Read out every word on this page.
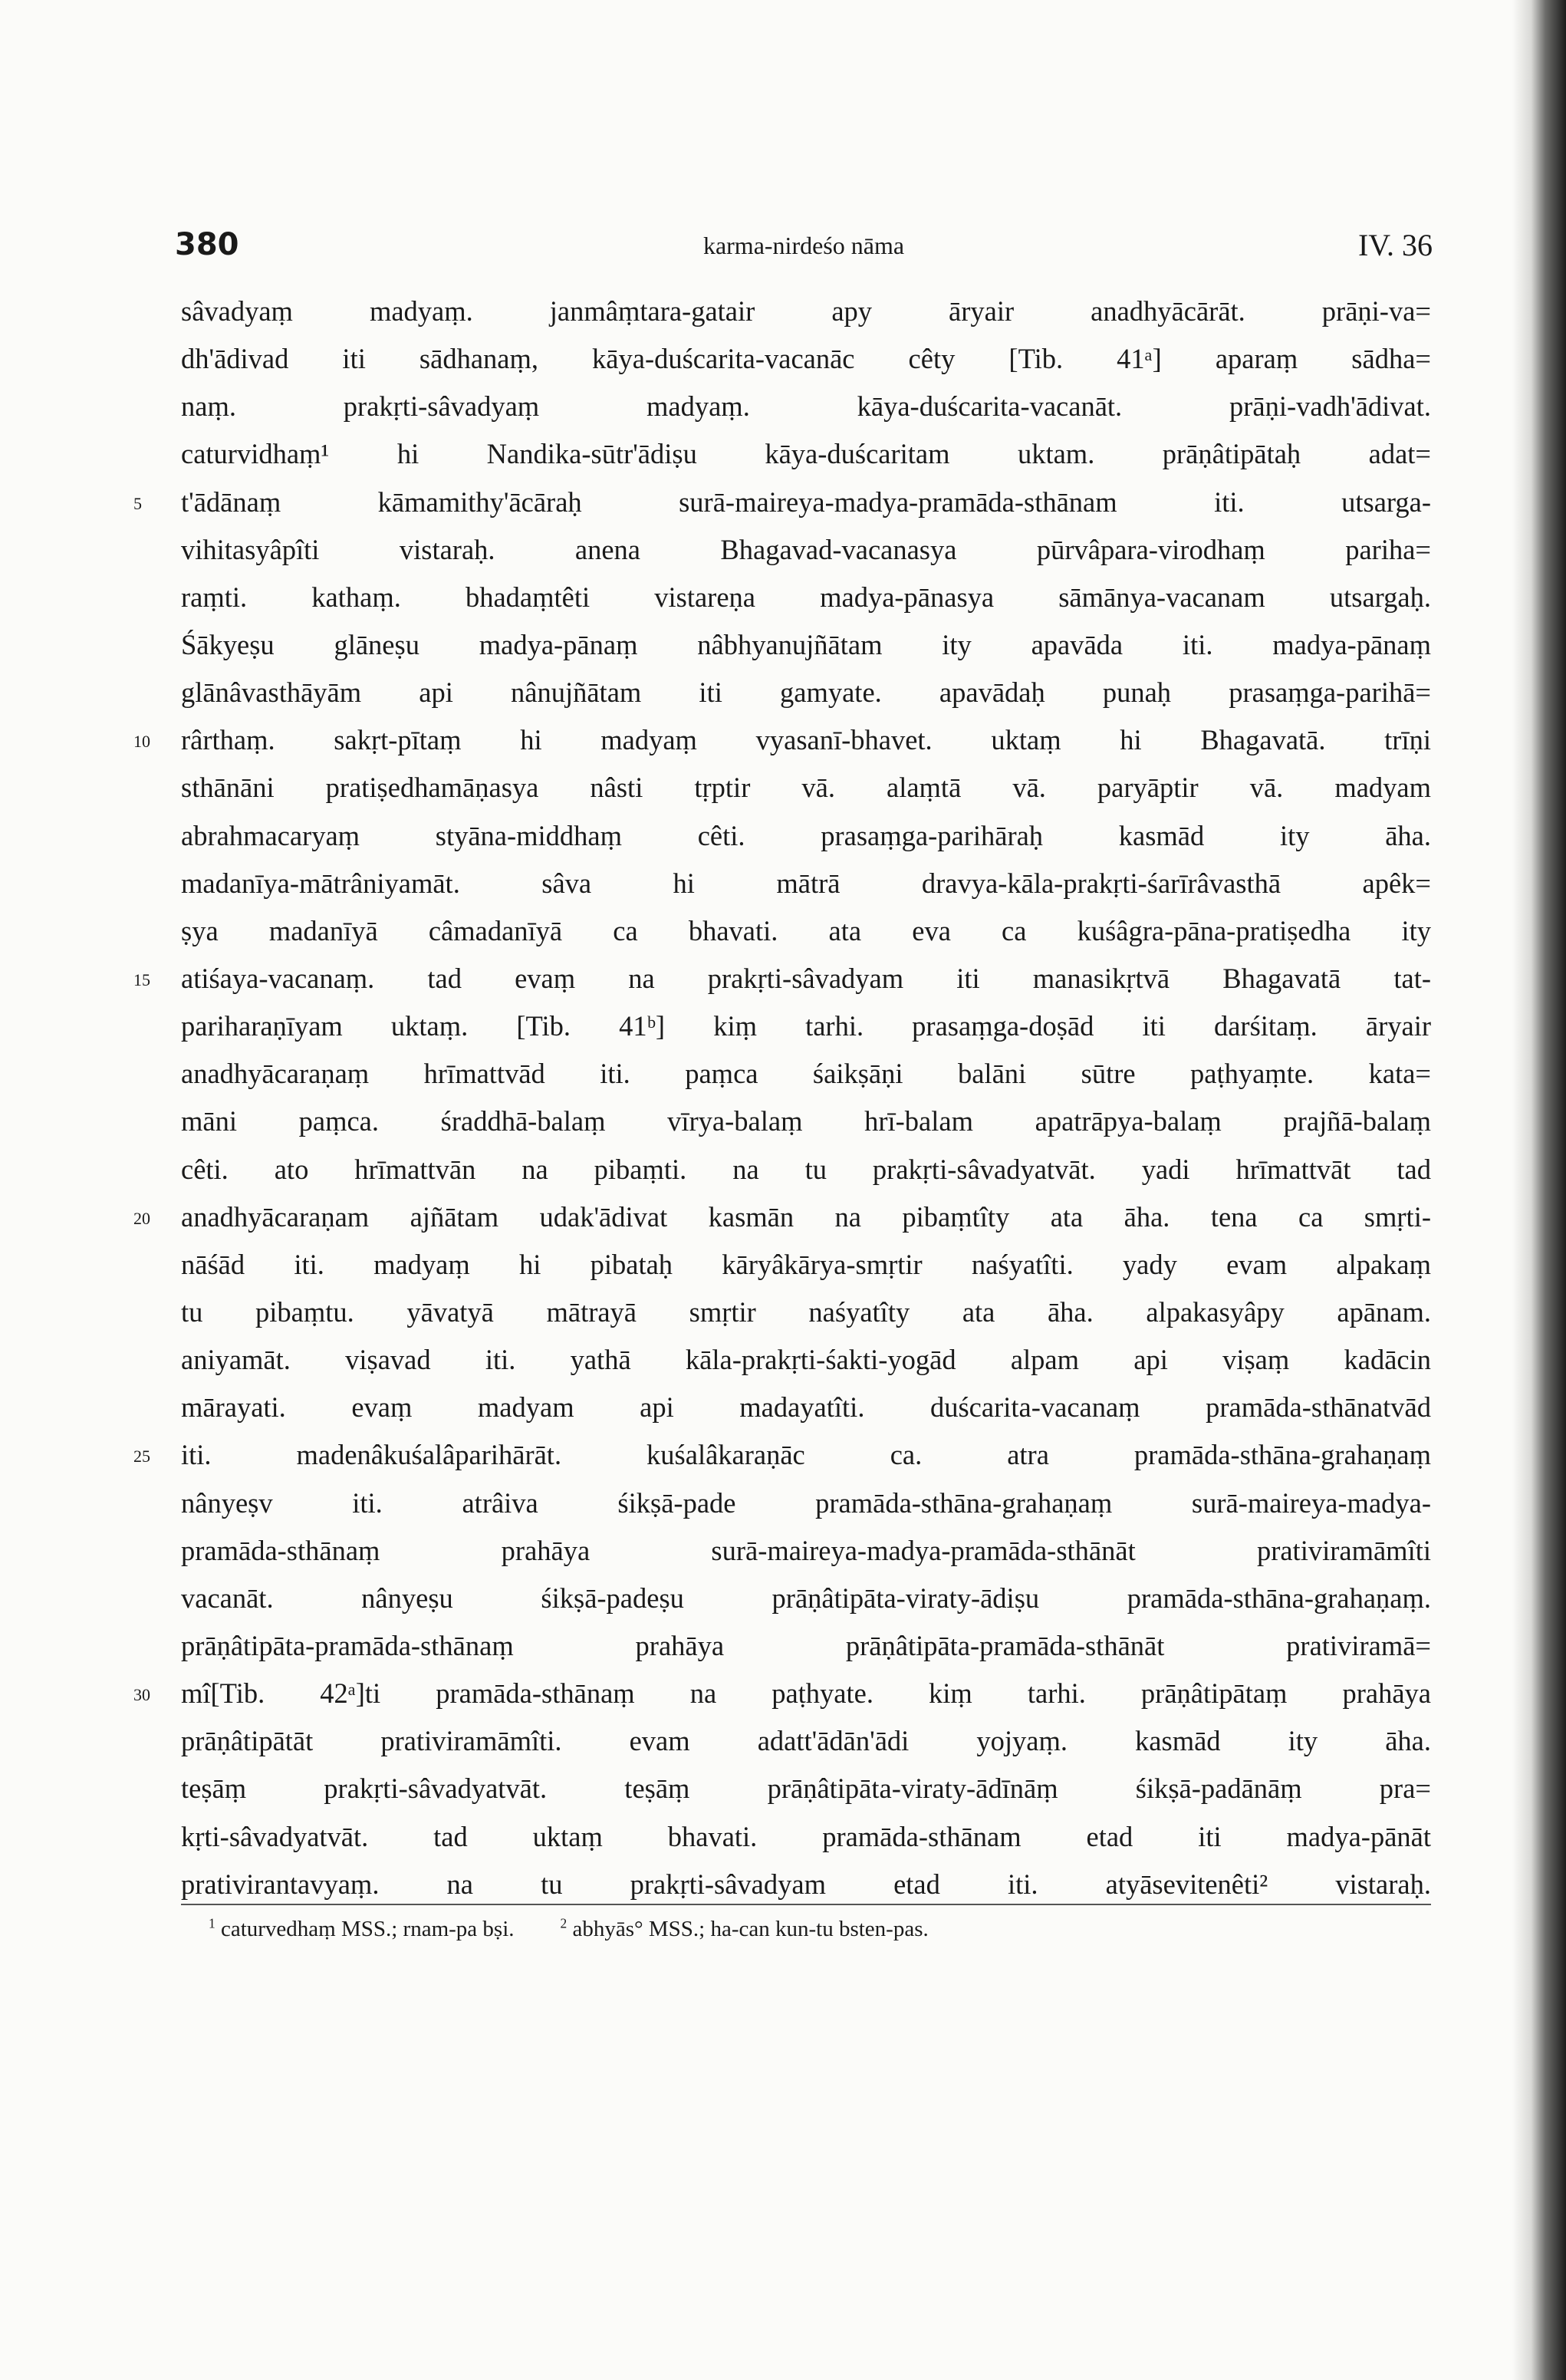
380	karma-nirdeśo nāma	IV. 36
sâvadyaṃ madyaṃ. janmâṃtara-gatair apy āryair anadhyācārāt. prāṇi-va=
dh'ādivad iti sādhanaṃ, kāya-duścarita-vacanāc cêty [Tib. 41ᵃ] aparaṃ sādha=
naṃ. prakṛti-sâvadyaṃ madyaṃ. kāya-duścarita-vacanāt. prāṇi-vadh'ādivat.
caturvidhaṃ¹ hi Nandika-sūtr'ādiṣu kāya-duścaritam uktam. prāṇâtipātaḥ adat=
5 t'ādānaṃ kāmamithy'ācāraḥ surā-maireya-madya-pramāda-sthānam iti. utsarga-
vihitasyâpîti vistaraḥ. anena Bhagavad-vacanasya pūrvâpara-virodhaṃ pariha=
raṃti. kathaṃ. bhadaṃtêti vistareṇa madya-pānasya sāmānya-vacanam utsargaḥ.
Śākyeṣu glāneṣu madya-pānaṃ nâbhyanujñātam ity apavāda iti. madya-pānaṃ
glānâvasthāyām api nânujñātam iti gamyate. apavādaḥ punaḥ prasaṃga-parihā=
10 rârthaṃ. sakṛt-pītaṃ hi madyaṃ vyasanī-bhavet. uktaṃ hi Bhagavatā. trīṇi
sthānāni pratiṣedhamāṇasya nâsti tṛptir vā. alaṃtā vā. paryāptir vā. madyam
abrahmacaryaṃ styāna-middhaṃ cêti. prasaṃga-parihāraḥ kasmād ity āha.
madanīya-mātrâniyamāt. sâva hi mātrā dravya-kāla-prakṛti-śarīrâvasthā apêk=
ṣya madanīyā câmadanīyā ca bhavati. ata eva ca kuśâgra-pāna-pratiṣedha ity
15 atiśaya-vacanaṃ. tad evaṃ na prakṛti-sâvadyam iti manasikṛtvā Bhagavatā tat-
pariharaṇīyam uktaṃ. [Tib. 41ᵇ] kiṃ tarhi. prasaṃga-doṣād iti darśitaṃ. āryair
anadhyācaraṇaṃ hrīmattvād iti. paṃca śaikṣāṇi balāni sūtre paṭhyaṃte. kata=
māni paṃca. śraddhā-balaṃ vīrya-balaṃ hrī-balam apatrāpya-balaṃ prajñā-balaṃ
cêti. ato hrīmattvān na pibaṃti. na tu prakṛti-sâvadyatvāt. yadi hrīmattvāt tad
20 anadhyācaraṇam ajñātam udak'ādivat kasmān na pibaṃtîty ata āha. tena ca smṛti-
nāśād iti. madyaṃ hi pibataḥ kāryâkārya-smṛtir naśyatîti. yady evam alpakaṃ
tu pibaṃtu. yāvatyā mātrayā smṛtir naśyatîty ata āha. alpakasyâpy apānam.
aniyamāt. viṣavad iti. yathā kāla-prakṛti-śakti-yogād alpam api viṣaṃ kadācin
mārayati. evaṃ madyam api madayatîti. duścarita-vacanaṃ pramāda-sthānatvād
25 iti. madenâkuśalâparihārāt. kuśalâkaraṇāc ca. atra pramāda-sthāna-grahaṇaṃ
nânyeṣv iti. atrâiva śikṣā-pade pramāda-sthāna-grahaṇaṃ surā-maireya-madya-
pramāda-sthānaṃ prahāya surā-maireya-madya-pramāda-sthānāt prativiramāmîti
vacanāt. nânyeṣu śikṣā-padeṣu prāṇâtipāta-viraty-ādiṣu pramāda-sthāna-grahaṇaṃ.
prāṇâtipāta-pramāda-sthānaṃ prahāya prāṇâtipāta-pramāda-sthānāt prativiramā=
30 mî[Tib. 42ᵃ]ti pramāda-sthānaṃ na paṭhyate. kiṃ tarhi. prāṇâtipātaṃ prahāya
prāṇâtipātāt prativiramāmîti. evam adatt'ādān'ādi yojyaṃ. kasmād ity āha.
teṣāṃ prakṛti-sâvadyatvāt. teṣāṃ prāṇâtipāta-viraty-ādīnāṃ śikṣā-padānāṃ pra=
kṛti-sâvadyatvāt. tad uktaṃ bhavati. pramāda-sthānam etad iti madya-pānāt
prativirantavyaṃ. na tu prakṛti-sâvadyam etad iti. atyāsevitenêti² vistaraḥ.
$^1$ caturvedhaṃ MSS.; rnam-pa bṣi.	$^2$ abhyās° MSS.; ha-can kun-tu bsten-pas.
